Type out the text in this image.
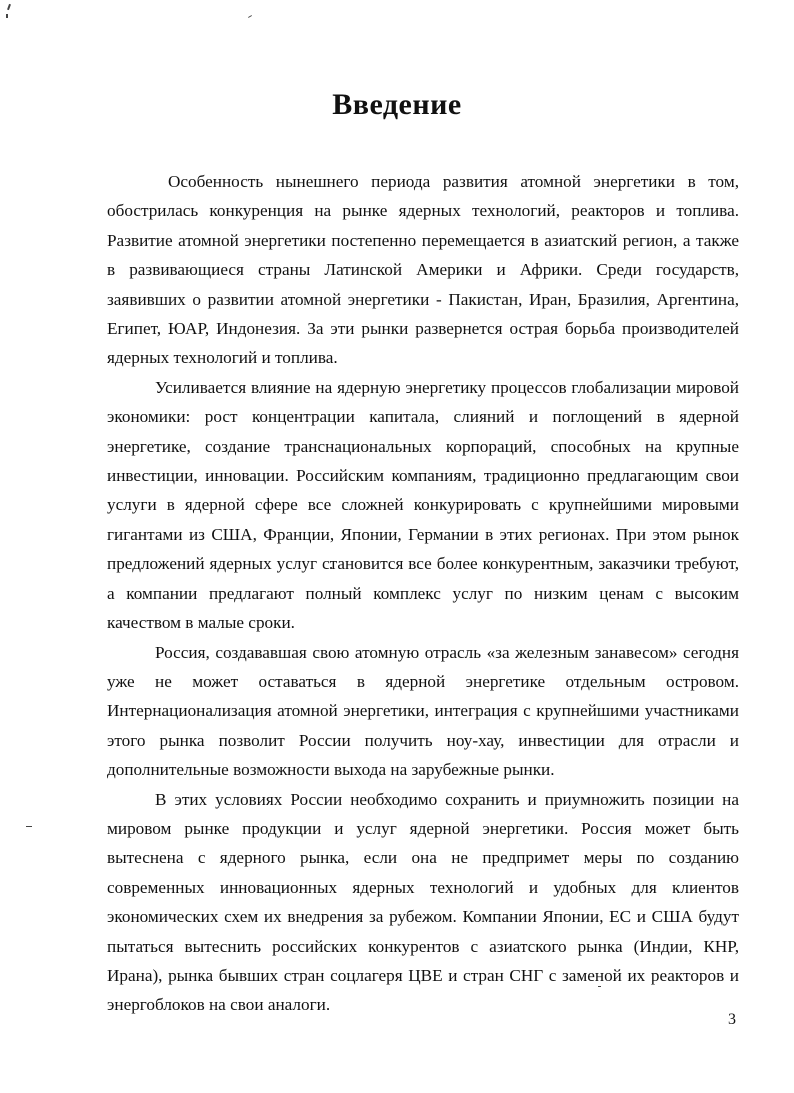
Введение

Особенность нынешнего периода развития атомной энергетики в том, обострилась конкуренция на рынке ядерных технологий, реакторов и топлива. Развитие атомной энергетики постепенно перемещается в азиатский регион, а также в развивающиеся страны Латинской Америки и Африки. Среди государств, заявивших о развитии атомной энергетики - Пакистан, Иран, Бразилия, Аргентина, Египет, ЮАР, Индонезия. За эти рынки развернется острая борьба производителей ядерных технологий и топлива.

Усиливается влияние на ядерную энергетику процессов глобализации мировой экономики: рост концентрации капитала, слияний и поглощений в ядерной энергетике, создание транснациональных корпораций, способных на крупные инвестиции, инновации. Российским компаниям, традиционно предлагающим свои услуги в ядерной сфере все сложней конкурировать с крупнейшими мировыми гигантами из США, Франции, Японии, Германии в этих регионах. При этом рынок предложений ядерных услуг становится все более конкурентным, заказчики требуют, а компании предлагают полный комплекс услуг по низким ценам с высоким качеством в малые сроки.

Россия, создававшая свою атомную отрасль «за железным занавесом» сегодня уже не может оставаться в ядерной энергетике отдельным островом. Интернационализация атомной энергетики, интеграция с крупнейшими участниками этого рынка позволит России получить ноу-хау, инвестиции для отрасли и дополнительные возможности выхода на зарубежные рынки.

В этих условиях России необходимо сохранить и приумножить позиции на мировом рынке продукции и услуг ядерной энергетики. Россия может быть вытеснена с ядерного рынка, если она не предпримет меры по созданию современных инновационных ядерных технологий и удобных для клиентов экономических схем их внедрения за рубежом. Компании Японии, ЕС и США будут пытаться вытеснить российских конкурентов с азиатского рынка (Индии, КНР, Ирана), рынка бывших стран соцлагеря ЦВЕ и стран СНГ с заменой их реакторов и энергоблоков на свои аналоги.

3
